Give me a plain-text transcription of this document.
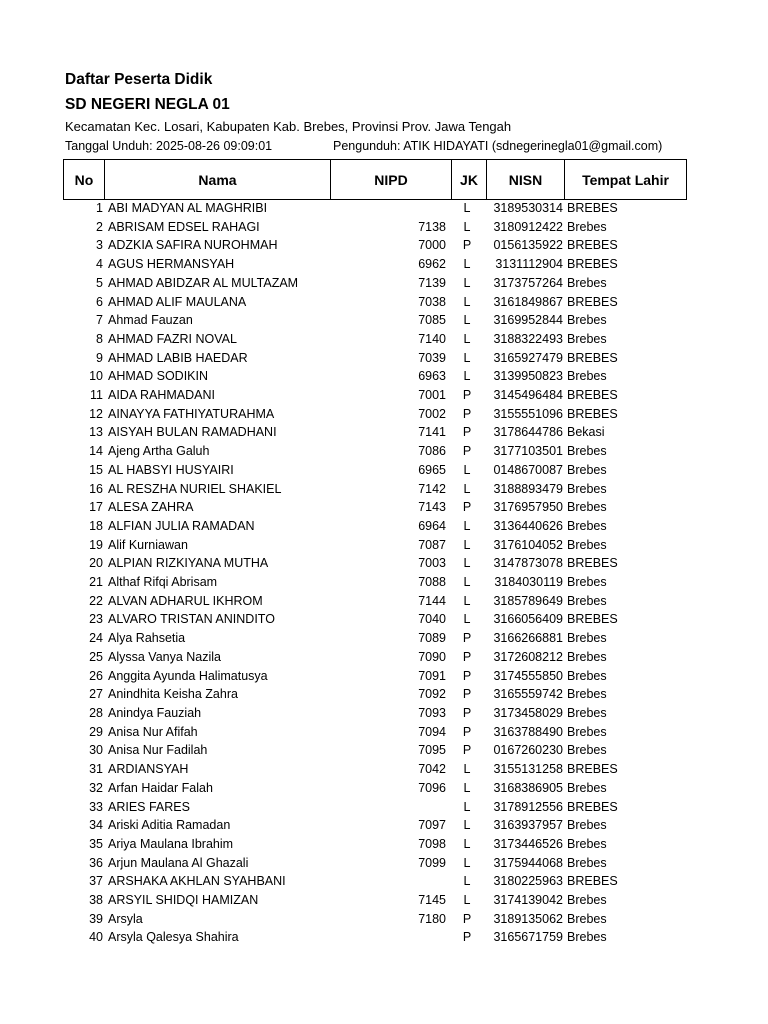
Daftar Peserta Didik
SD NEGERI NEGLA 01
Kecamatan Kec. Losari, Kabupaten Kab. Brebes, Provinsi Prov. Jawa Tengah
Tanggal Unduh: 2025-08-26 09:09:01	Pengunduh: ATIK HIDAYATI (sdnegerinegla01@gmail.com)
No	Nama	NIPD	JK	NISN	Tempat Lahir
1	ABI MADYAN AL MAGHRIBI		L	3189530314	BREBES
2	ABRISAM EDSEL RAHAGI	7138	L	3180912422	Brebes
3	ADZKIA SAFIRA NUROHMAH	7000	P	0156135922	BREBES
4	AGUS HERMANSYAH	6962	L	3131112904	BREBES
5	AHMAD ABIDZAR AL MULTAZAM	7139	L	3173757264	Brebes
6	AHMAD ALIF MAULANA	7038	L	3161849867	BREBES
7	Ahmad Fauzan	7085	L	3169952844	Brebes
8	AHMAD FAZRI NOVAL	7140	L	3188322493	Brebes
9	AHMAD LABIB HAEDAR	7039	L	3165927479	BREBES
10	AHMAD SODIKIN	6963	L	3139950823	Brebes
11	AIDA RAHMADANI	7001	P	3145496484	BREBES
12	AINAYYA FATHIYATURAHMA	7002	P	3155551096	BREBES
13	AISYAH BULAN RAMADHANI	7141	P	3178644786	Bekasi
14	Ajeng Artha Galuh	7086	P	3177103501	Brebes
15	AL HABSYI HUSYAIRI	6965	L	0148670087	Brebes
16	AL RESZHA NURIEL SHAKIEL	7142	L	3188893479	Brebes
17	ALESA ZAHRA	7143	P	3176957950	Brebes
18	ALFIAN JULIA RAMADAN	6964	L	3136440626	Brebes
19	Alif Kurniawan	7087	L	3176104052	Brebes
20	ALPIAN RIZKIYANA MUTHA	7003	L	3147873078	BREBES
21	Althaf Rifqi Abrisam	7088	L	3184030119	Brebes
22	ALVAN ADHARUL IKHROM	7144	L	3185789649	Brebes
23	ALVARO TRISTAN ANINDITO	7040	L	3166056409	BREBES
24	Alya Rahsetia	7089	P	3166266881	Brebes
25	Alyssa Vanya Nazila	7090	P	3172608212	Brebes
26	Anggita Ayunda Halimatusya	7091	P	3174555850	Brebes
27	Anindhita Keisha Zahra	7092	P	3165559742	Brebes
28	Anindya Fauziah	7093	P	3173458029	Brebes
29	Anisa Nur Afifah	7094	P	3163788490	Brebes
30	Anisa Nur Fadilah	7095	P	0167260230	Brebes
31	ARDIANSYAH	7042	L	3155131258	BREBES
32	Arfan Haidar Falah	7096	L	3168386905	Brebes
33	ARIES FARES		L	3178912556	BREBES
34	Ariski Aditia Ramadan	7097	L	3163937957	Brebes
35	Ariya Maulana Ibrahim	7098	L	3173446526	Brebes
36	Arjun Maulana Al Ghazali	7099	L	3175944068	Brebes
37	ARSHAKA AKHLAN SYAHBANI		L	3180225963	BREBES
38	ARSYIL SHIDQI HAMIZAN	7145	L	3174139042	Brebes
39	Arsyla	7180	P	3189135062	Brebes
40	Arsyla Qalesya Shahira		P	3165671759	Brebes
